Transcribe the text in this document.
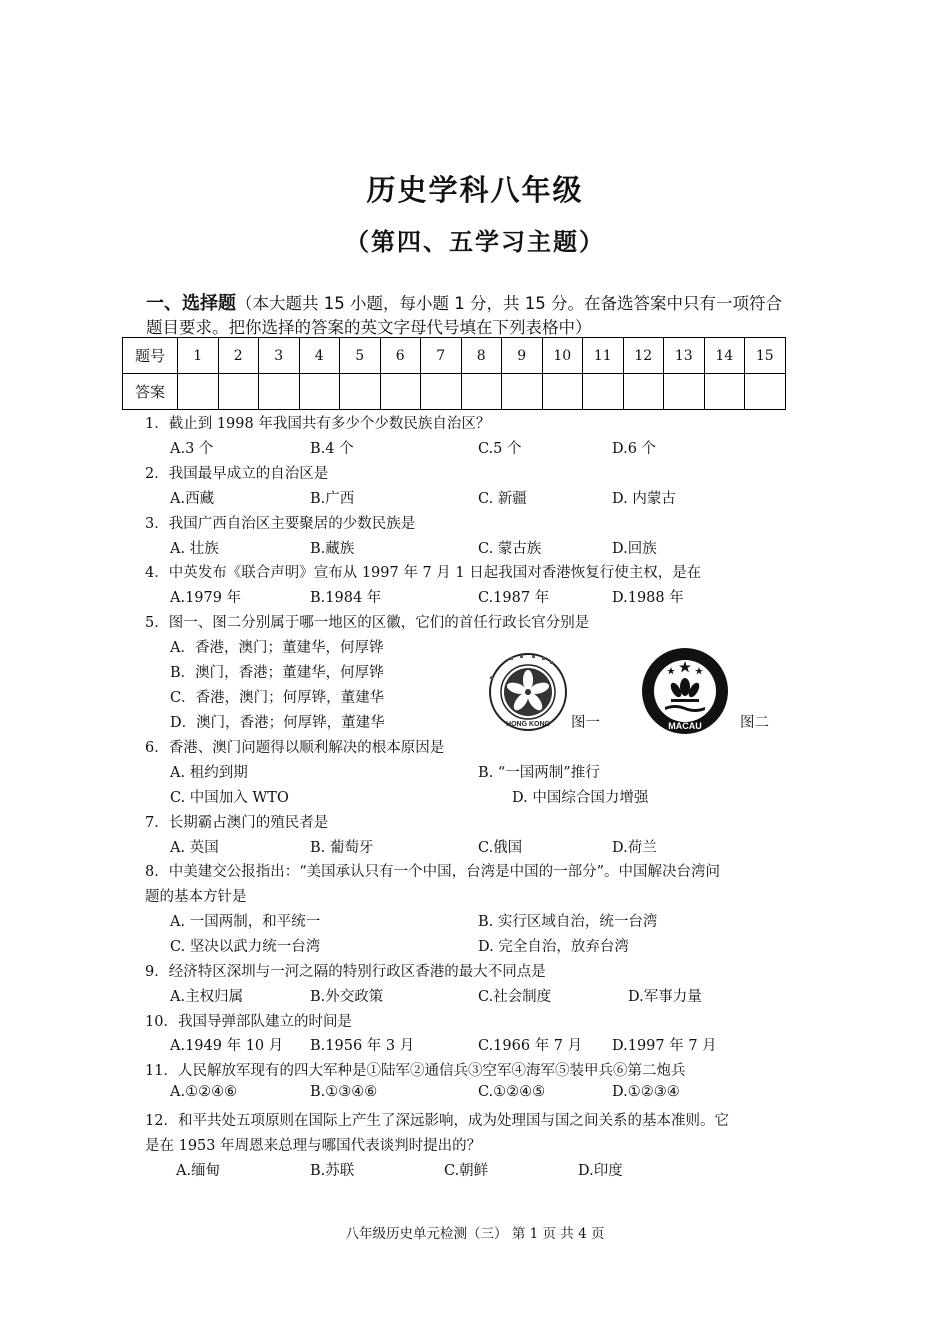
历史学科八年级
（第四、五学习主题）
一、选择题（本大题共 15 小题，每小题 1 分，共 15 分。在备选答案中只有一项符合
题目要求。把你选择的答案的英文字母代号填在下列表格中）
题号	1	2	3	4	5	6	7	8	9	10	11	12	13	14	15
答案															
1．截止到 1998 年我国共有多少个少数民族自治区？
A.3 个	B.4 个	C.5 个	D.6 个
2．我国最早成立的自治区是
A.西藏	B.广西	C. 新疆	D. 内蒙古
3．我国广西自治区主要聚居的少数民族是
A. 壮族	B.藏族	C. 蒙古族	D.回族
4．中英发布《联合声明》宣布从 1997 年 7 月 1 日起我国对香港恢复行使主权，是在
A.1979 年	B.1984 年	C.1987 年	D.1988 年
5．图一、图二分别属于哪一地区的区徽，它们的首任行政长官分别是
A．香港，澳门；董建华，何厚铧
B．澳门，香港；董建华，何厚铧
C．香港，澳门；何厚铧，董建华
D．澳门，香港；何厚铧，董建华	HONG KONG 图一	MACAU	图二
6．香港、澳门问题得以顺利解决的根本原因是
A. 租约到期	B. “一国两制”推行
C. 中国加入 WTO	D. 中国综合国力增强
7．长期霸占澳门的殖民者是
A. 英国	B. 葡萄牙	C.俄国	D.荷兰
8．中美建交公报指出：“美国承认只有一个中国，台湾是中国的一部分”。中国解决台湾问
题的基本方针是
A. 一国两制，和平统一	B. 实行区域自治，统一台湾
C. 坚决以武力统一台湾	D. 完全自治，放弃台湾
9．经济特区深圳与一河之隔的特别行政区香港的最大不同点是
A.主权归属	B.外交政策	C.社会制度	D.军事力量
10．我国导弹部队建立的时间是
A.1949 年 10 月 B.1956 年 3 月	C.1966 年 7 月 D.1997 年 7 月
11．人民解放军现有的四大军种是①陆军②通信兵③空军④海军⑤装甲兵⑥第二炮兵
A.①②④⑥	B.①③④⑥	C.①②④⑤	D.①②③④
12．和平共处五项原则在国际上产生了深远影响，成为处理国与国之间关系的基本准则。它
是在 1953 年周恩来总理与哪国代表谈判时提出的？
A.缅甸	B.苏联	C.朝鲜	D.印度
八年级历史单元检测（三） 第 1 页 共 4 页
